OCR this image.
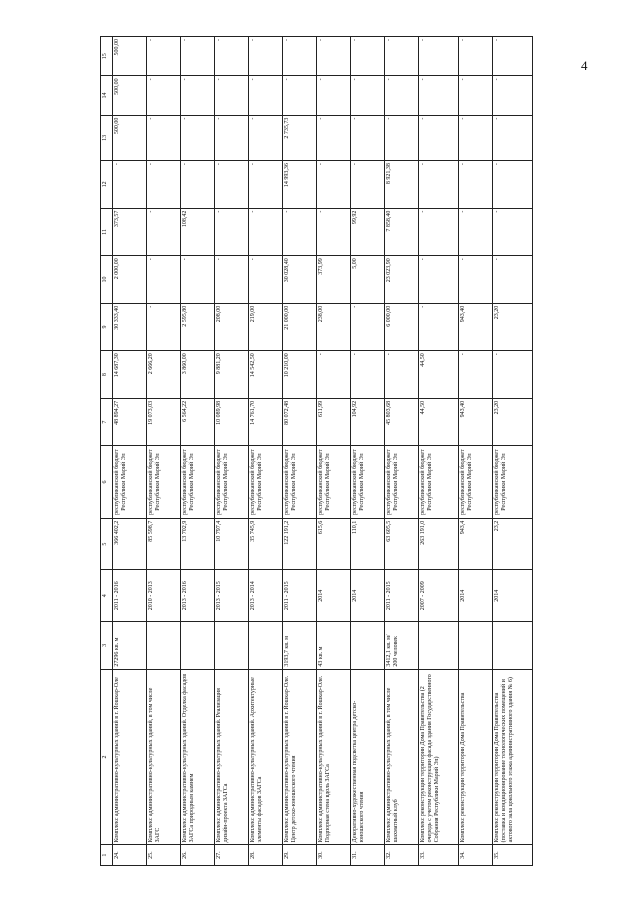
4
1	2	3	4	5	6	7	8	9	10	11	12	13	14	15
24.	Комплекс административно-культурных зданий в г. Йошкар-Оле	27296 кв. м	2011 - 2016	366 402,2	республиканский бюджет Республики Марий Эл	48 894,27	14 687,30	30 333,40	2 000,00	373,57	-	500,00	500,00	500,00
25.	Комплекс административно-культурных зданий, в том числе ЗАГС		2010 - 2013	85 598,7	республиканский бюджет Республики Марий Эл	19 073,03	2 666,20	-	-	-	-	-	-	-
26.	Комплекс административно-культурных зданий. Отделка фасадов ЗАГСа природным камнем		2013 - 2016	13 702,9	республиканский бюджет Республики Марий Эл	6 564,22	3 860,00	2 595,80	-	108,42	-	-	-	-
27.	Комплекс административно-культурных зданий. Реализация дизайн-проекта ЗАГСа		2013 - 2015	10 797,4	республиканский бюджет Республики Марий Эл	10 089,98	9 881,20	208,00	-	-	-	-	-	-
28.	Комплекс административно-культурных зданий. Архитектурные элементы фасадов ЗАГСа		2013 - 2014	35 745,9	республиканский бюджет Республики Марий Эл	14 761,70	14 542,50	219,00	-	-	-	-	-	-
29.	Комплекс административно-культурных зданий в г. Йошкар-Оле. Центр детско-юношеского чтения	3193,7 кв. м	2011 - 2015	122 191,2	республиканский бюджет Республики Марий Эл	80 072,48	10 210,00	21 000,00	30 028,40	-	14 993,36	2 735,73	-	-
30.	Комплекс административно-культурных зданий в г. Йошкар-Оле. Подпорная стена вдоль ЗАГСа	43 кв. м	2014	615,6	республиканский бюджет Республики Марий Эл	611,99	-	238,00	373,99	-	-	-	-	-
31.	Декоративно-художественная подсветка центра детско-юношеского чтения		2014	110,1	республиканский бюджет Республики Марий Эл	104,92	-	-	5,00	99,92	-	-	-	-
32.	Комплекс административно-культурных зданий, в том числе шахматный клуб	3412,1 кв. м/ 200 человек	2011 - 2015	63 605,5	республиканский бюджет Республики Марий Эл	45 803,68	-	6 000,00	23 023,90	7 858,40	8 921,38	-	-	-
33.	Комплекс реконструкции территории Дома Правительства (2 очередь с учетом реконструкции фасада здания Государственного Собрания Республики Марий Эл)		2007 - 2009	263 191,0	республиканский бюджет Республики Марий Эл	44,50	44,50	-	-	-	-	-	-	-
34.	Комплекс реконструкции территории Дома Правительства		2014	943,4	республиканский бюджет Республики Марий Эл	943,40	-	943,40	-	-	-	-	-	-
35.	Комплекс реконструкции территории Дома Правительства (поставка и кондиционирование технологических помещений и актового зала цокольного этажа административного здания № 6)		2014	23,2	республиканский бюджет Республики Марий Эл	23,20	-	23,20	-	-	-	-	-	-
